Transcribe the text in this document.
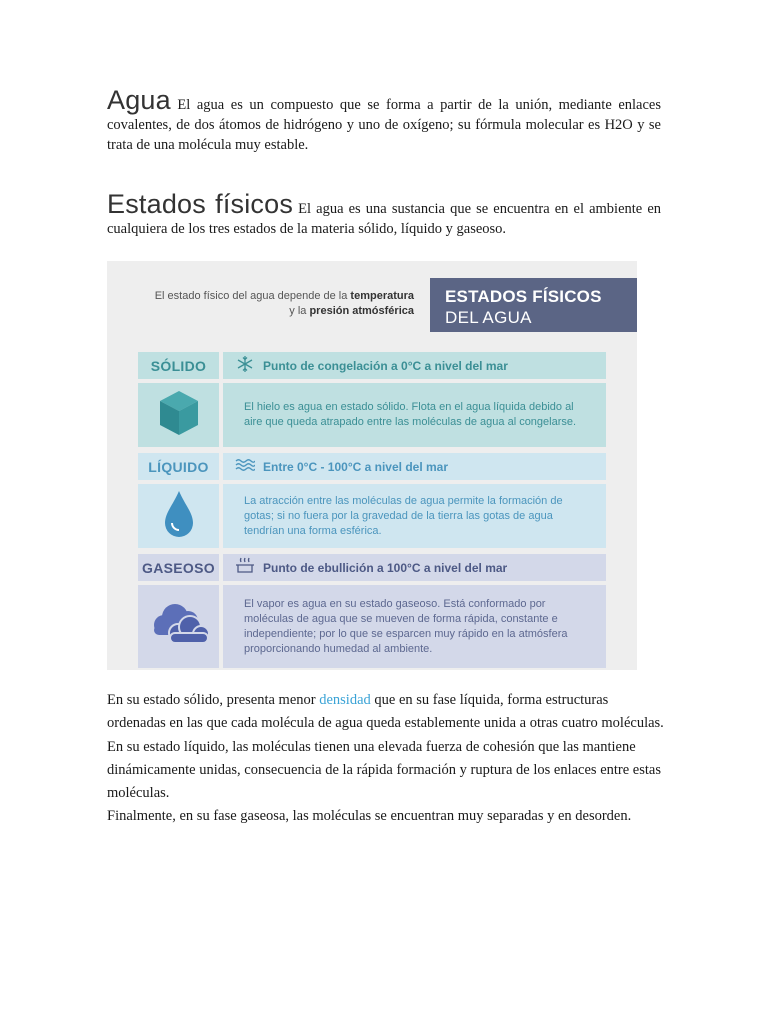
Agua El agua es un compuesto que se forma a partir de la unión, mediante enlaces covalentes, de dos átomos de hidrógeno y uno de oxígeno; su fórmula molecular es H2O y se trata de una molécula muy estable.
Estados físicos El agua es una sustancia que se encuentra en el ambiente en cualquiera de los tres estados de la materia sólido, líquido y gaseoso.
El estado físico del agua depende de la temperatura
y la presión atmósférica
ESTADOS FÍSICOS
DEL AGUA
SÓLIDO	Punto de congelación a 0°C a nivel del mar
El hielo es agua en estado sólido. Flota en el agua líquida debido al aire que queda atrapado entre las moléculas de agua al congelarse.
LÍQUIDO	Entre 0°C - 100°C a nivel del mar
La atracción entre las moléculas de agua permite la formación de gotas; si no fuera por la gravedad de la tierra las gotas de agua tendrían una forma esférica.
GASEOSO	Punto de ebullición a 100°C a nivel del mar
El vapor es agua en su estado gaseoso. Está conformado por moléculas de agua que se mueven de forma rápida, constante e independiente; por lo que se esparcen muy rápido en la atmósfera proporcionando humedad al ambiente.
En su estado sólido, presenta menor densidad que en su fase líquida, forma estructuras ordenadas en las que cada molécula de agua queda establemente unida a otras cuatro moléculas.
En su estado líquido, las moléculas tienen una elevada fuerza de cohesión que las mantiene dinámicamente unidas, consecuencia de la rápida formación y ruptura de los enlaces entre estas moléculas.
Finalmente, en su fase gaseosa, las moléculas se encuentran muy separadas y en desorden.
